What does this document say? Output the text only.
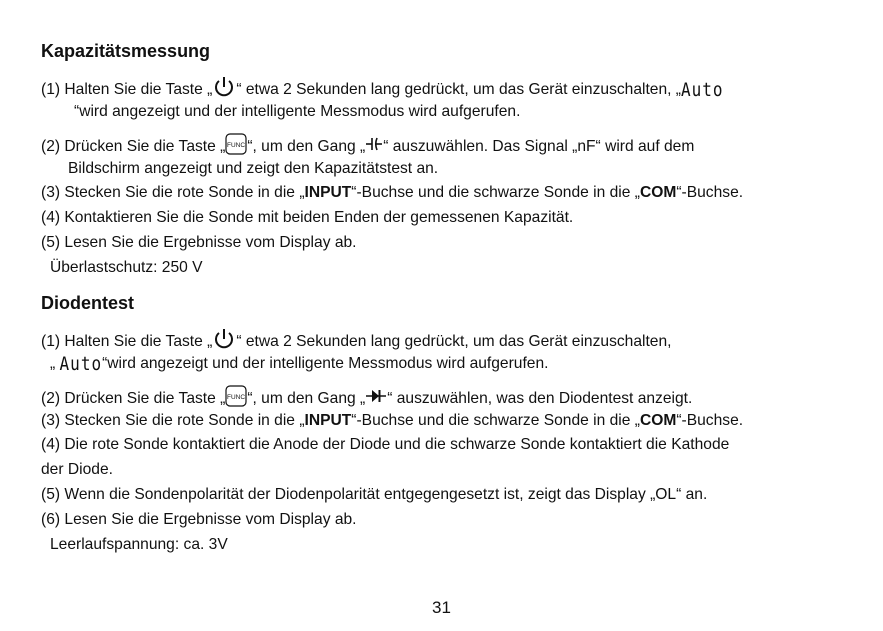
Kapazitätsmessung
(1) Halten Sie die Taste „ “ etwa 2 Sekunden lang gedrückt, um das Gerät einzuschalten, „Auto
“wird angezeigt und der intelligente Messmodus wird aufgerufen.
(2) Drücken Sie die Taste „ FUNC “, um den Gang „ “ auszuwählen. Das Signal „nF“ wird auf dem
Bildschirm angezeigt und zeigt den Kapazitätstest an.
(3) Stecken Sie die rote Sonde in die „INPUT“-Buchse und die schwarze Sonde in die „COM“-Buchse.
(4) Kontaktieren Sie die Sonde mit beiden Enden der gemessenen Kapazität.
(5) Lesen Sie die Ergebnisse vom Display ab.
Überlastschutz: 250 V
Diodentest
(1) Halten Sie die Taste „ “ etwa 2 Sekunden lang gedrückt, um das Gerät einzuschalten,
„ Auto“wird angezeigt und der intelligente Messmodus wird aufgerufen.
(2) Drücken Sie die Taste „ FUNC “, um den Gang „ “ auszuwählen, was den Diodentest anzeigt.
(3) Stecken Sie die rote Sonde in die „INPUT“-Buchse und die schwarze Sonde in die „COM“-Buchse.
(4) Die rote Sonde kontaktiert die Anode der Diode und die schwarze Sonde kontaktiert die Kathode
der Diode.
(5) Wenn die Sondenpolarität der Diodenpolarität entgegengesetzt ist, zeigt das Display „OL“ an.
(6) Lesen Sie die Ergebnisse vom Display ab.
Leerlaufspannung: ca. 3V
31
